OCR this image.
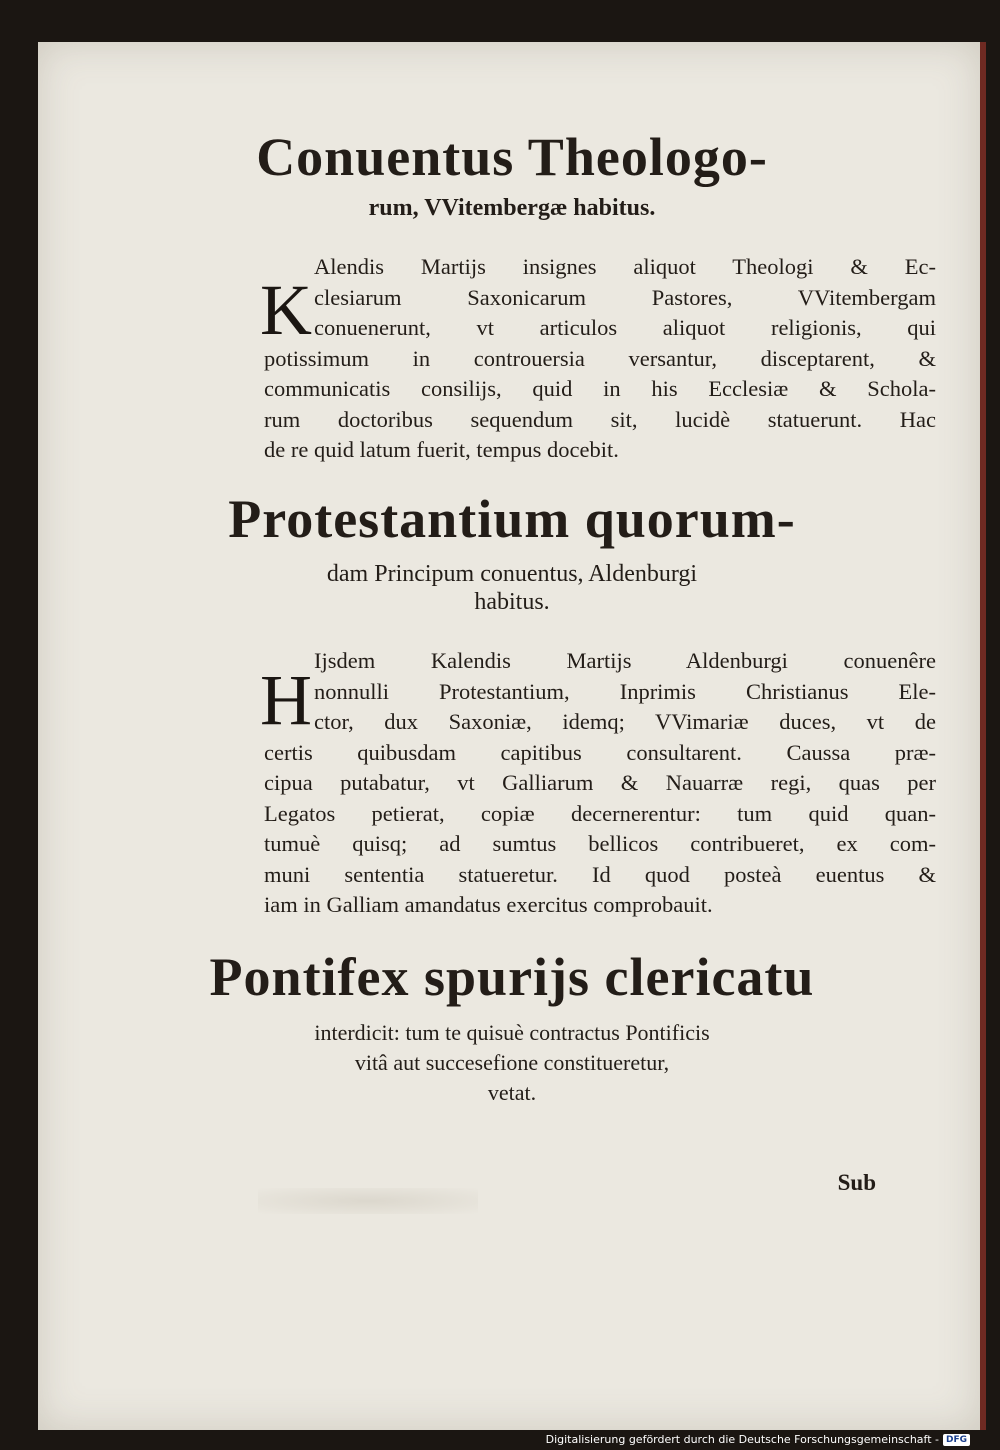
Conuentus Theologo-

rum, VVitembergæ habitus.

K
Alendis Martijs insignes aliquot Theologi & Ec-
clesiarum Saxonicarum Pastores, VVitembergam
conuenerunt, vt articulos aliquot religionis, qui
potissimum in controuersia versantur, disceptarent, &
communicatis consilijs, quid in his Ecclesiæ & Schola-
rum doctoribus sequendum sit, lucidè statuerunt. Hac
de re quid latum fuerit, tempus docebit.
Protestantium quorum-

dam Principum conuentus, Aldenburgi
habitus.

H Ijsdem Kalendis Martijs Aldenburgi conuenêre
nonnulli Protestantium, Inprimis Christianus Ele-
ctor, dux Saxoniæ, idemq; VVimariæ duces, vt de
certis quibusdam capitibus consultarent. Caussa præ-
cipua putabatur, vt Galliarum & Nauarræ regi, quas per
Legatos petierat, copiæ decernerentur: tum quid quan-
tumuè quisq; ad sumtus bellicos contribueret, ex com-
muni sententia statueretur. Id quod posteà euentus &
iam in Galliam amandatus exercitus comprobauit.
Pontifex spurijs clericatu

interdicit: tum te quisuè contractus Pontificis
vitâ aut succesefione constitueretur,
vetat.

Sub
Digitalisierung gefördert durch die Deutsche Forschungsgemeinschaft - DFG
